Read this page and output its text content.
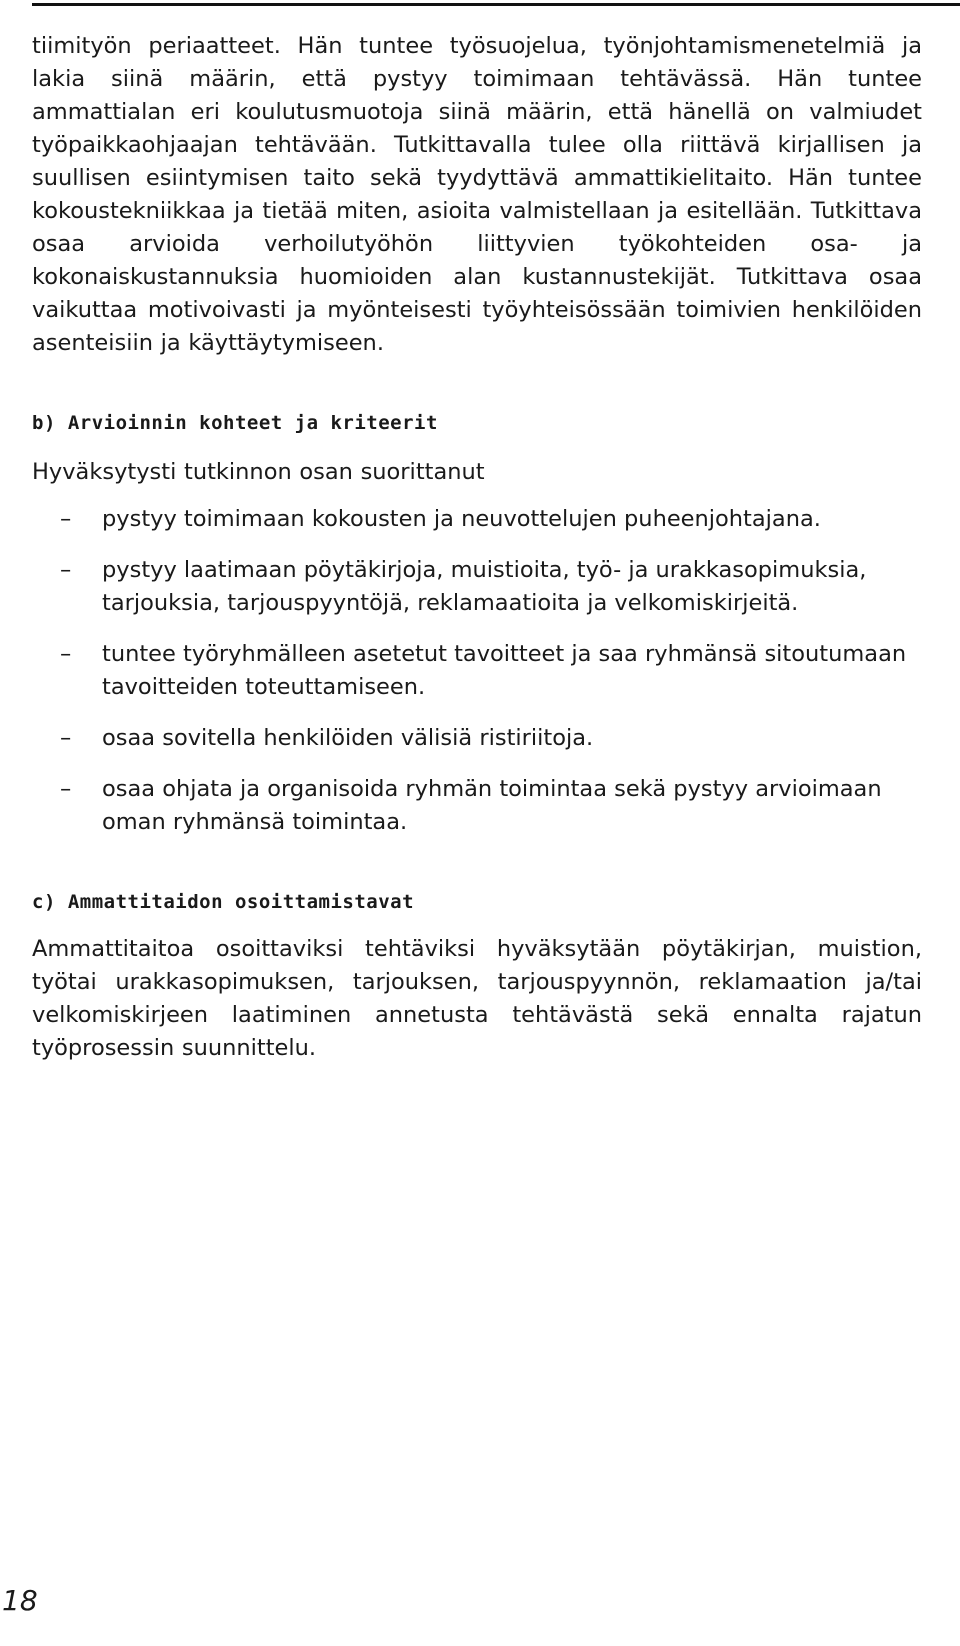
tiimityön periaatteet. Hän tuntee työsuojelua, työnjohtamismenetelmiä ja lakia siinä määrin, että pystyy toimimaan tehtävässä. Hän tuntee ammattialan eri koulutusmuotoja siinä määrin, että hänellä on valmiudet työpaikkaohjaajan tehtävään. Tutkittavalla tulee olla riittävä kirjallisen ja suullisen esiintymisen taito sekä tyydyttävä ammattikielitaito. Hän tuntee kokoustekniikkaa ja tietää miten, asioita valmistellaan ja esitellään. Tutkittava osaa arvioida verhoilutyöhön liittyvien työkohteiden osa- ja kokonaiskustannuksia huomioiden alan kustannustekijät. Tutkittava osaa vaikuttaa motivoivasti ja myönteisesti työyhteisössään toimivien henkilöiden asenteisiin ja käyttäytymiseen.

b) Arvioinnin kohteet ja kriteerit

Hyväksytysti tutkinnon osan suorittanut

– pystyy toimimaan kokousten ja neuvottelujen puheenjohtajana.
– pystyy laatimaan pöytäkirjoja, muistioita, työ- ja urakkasopimuksia, tarjouksia, tarjouspyyntöjä, reklamaatioita ja velkomiskirjeitä.
– tuntee työryhmälleen asetetut tavoitteet ja saa ryhmänsä sitoutumaan tavoitteiden toteuttamiseen.
– osaa sovitella henkilöiden välisiä ristiriitoja.
– osaa ohjata ja organisoida ryhmän toimintaa sekä pystyy arvioimaan oman ryhmänsä toimintaa.
c) Ammattitaidon osoittamistavat

Ammattitaitoa osoittaviksi tehtäviksi hyväksytään pöytäkirjan, muistion, työtai urakkasopimuksen, tarjouksen, tarjouspyynnön, reklamaation ja/tai velkomiskirjeen laatiminen annetusta tehtävästä sekä ennalta rajatun työprosessin suunnittelu.

18
